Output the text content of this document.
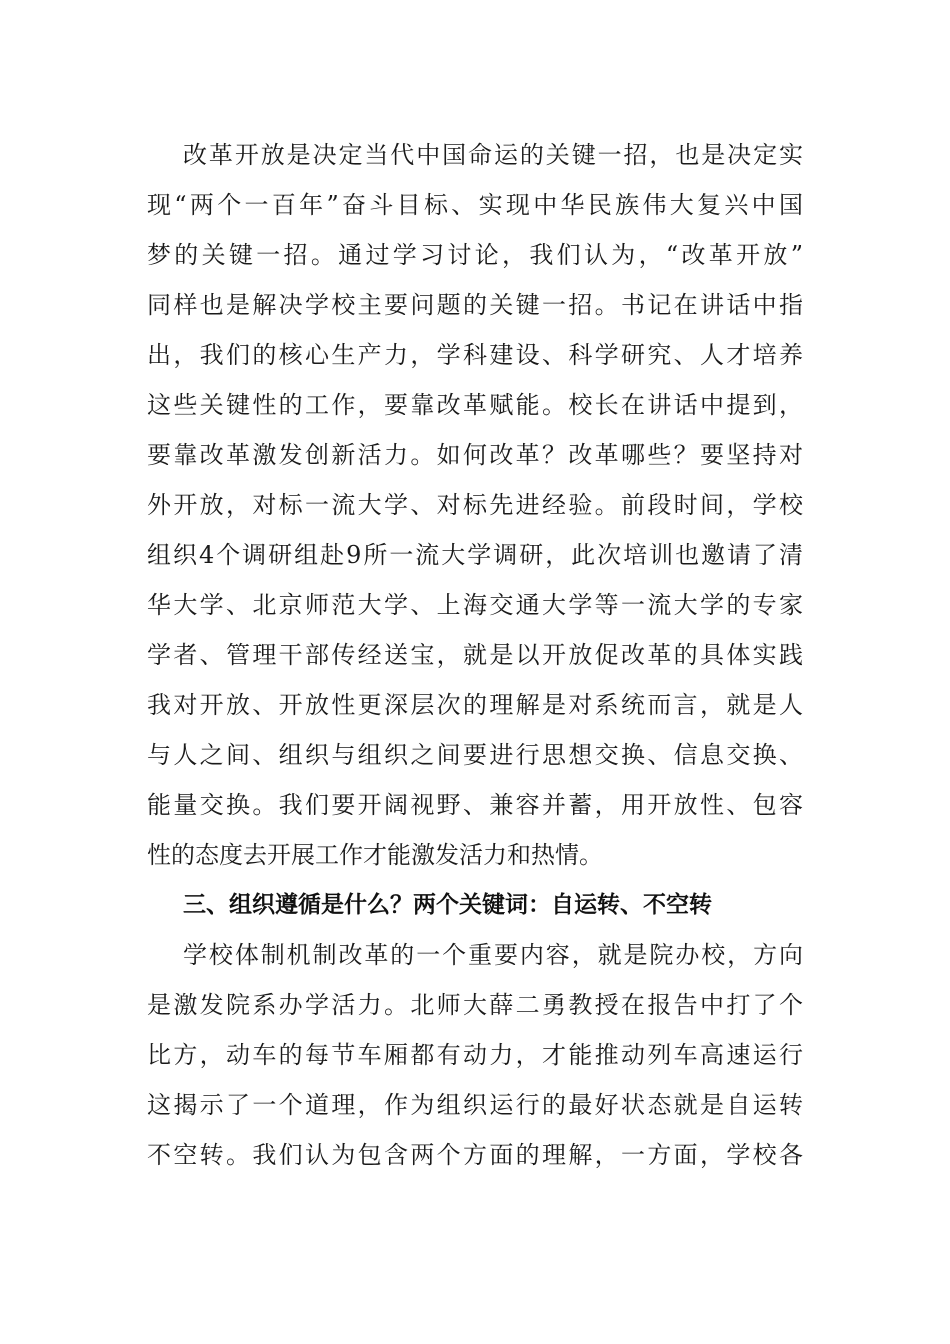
改革开放是决定当代中国命运的关键一招，也是决定实
现“两个一百年”奋斗目标、实现中华民族伟大复兴中国
梦的关键一招。通过学习讨论，我们认为，“改革开放”
同样也是解决学校主要问题的关键一招。书记在讲话中指
出，我们的核心生产力，学科建设、科学研究、人才培养
这些关键性的工作，要靠改革赋能。校长在讲话中提到，
要靠改革激发创新活力。如何改革？改革哪些？要坚持对
外开放，对标一流大学、对标先进经验。前段时间，学校
组织4个调研组赴9所一流大学调研，此次培训也邀请了清
华大学、北京师范大学、上海交通大学等一流大学的专家
学者、管理干部传经送宝，就是以开放促改革的具体实践
我对开放、开放性更深层次的理解是对系统而言，就是人
与人之间、组织与组织之间要进行思想交换、信息交换、
能量交换。我们要开阔视野、兼容并蓄，用开放性、包容
性的态度去开展工作才能激发活力和热情。
三、组织遵循是什么？两个关键词：自运转、不空转
学校体制机制改革的一个重要内容，就是院办校，方向
是激发院系办学活力。北师大薛二勇教授在报告中打了个
比方，动车的每节车厢都有动力，才能推动列车高速运行
这揭示了一个道理，作为组织运行的最好状态就是自运转
不空转。我们认为包含两个方面的理解，一方面，学校各
